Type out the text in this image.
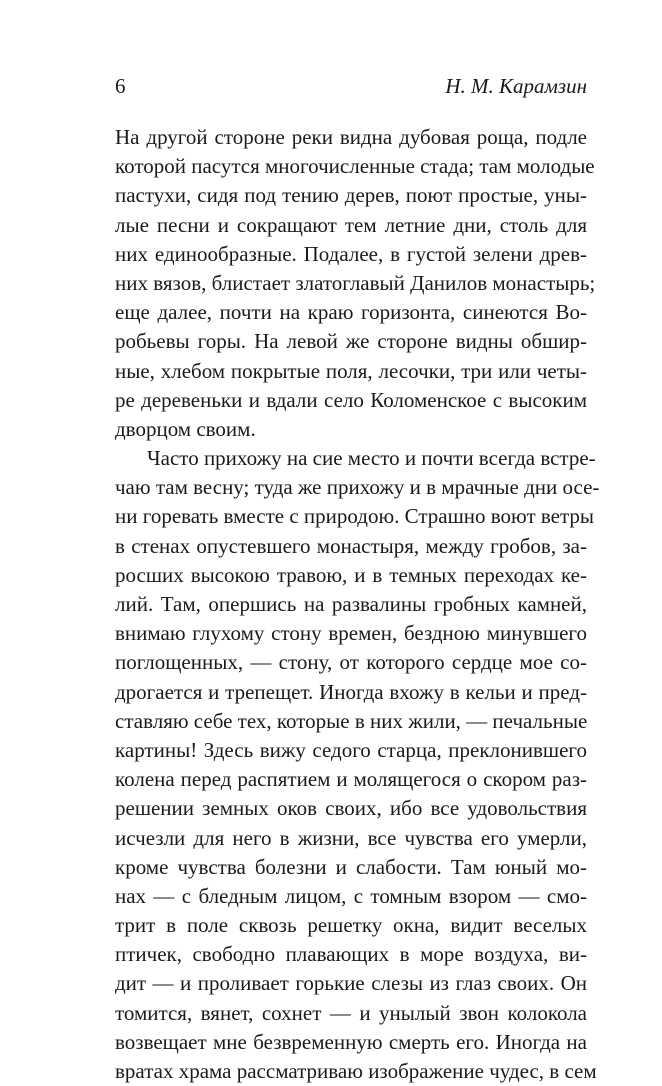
6	Н. М. Карамзин
На другой стороне реки видна дубовая роща, подле
которой пасутся многочисленные стада; там молодые
пастухи, сидя под тению дерев, поют простые, уны-
лые песни и сокращают тем летние дни, столь для
них единообразные. Подалее, в густой зелени древ-
них вязов, блистает златоглавый Данилов монастырь;
еще далее, почти на краю горизонта, синеются Во-
робьевы горы. На левой же стороне видны обшир-
ные, хлебом покрытые поля, лесочки, три или четы-
ре деревеньки и вдали село Коломенское с высоким
дворцом своим.
Часто прихожу на сие место и почти всегда встре-
чаю там весну; туда же прихожу и в мрачные дни осе-
ни горевать вместе с природою. Страшно воют ветры
в стенах опустевшего монастыря, между гробов, за-
росших высокою травою, и в темных переходах ке-
лий. Там, опершись на развалины гробных камней,
внимаю глухому стону времен, бездною минувшего
поглощенных, — стону, от которого сердце мое со-
дрогается и трепещет. Иногда вхожу в кельи и пред-
ставляю себе тех, которые в них жили, — печальные
картины! Здесь вижу седого старца, преклонившего
колена перед распятием и молящегося о скором раз-
решении земных оков своих, ибо все удовольствия
исчезли для него в жизни, все чувства его умерли,
кроме чувства болезни и слабости. Там юный мо-
нах — с бледным лицом, с томным взором — смо-
трит в поле сквозь решетку окна, видит веселых
птичек, свободно плавающих в море воздуха, ви-
дит — и проливает горькие слезы из глаз своих. Он
томится, вянет, сохнет — и унылый звон колокола
возвещает мне безвременную смерть его. Иногда на
вратах храма рассматриваю изображение чудес, в сем
